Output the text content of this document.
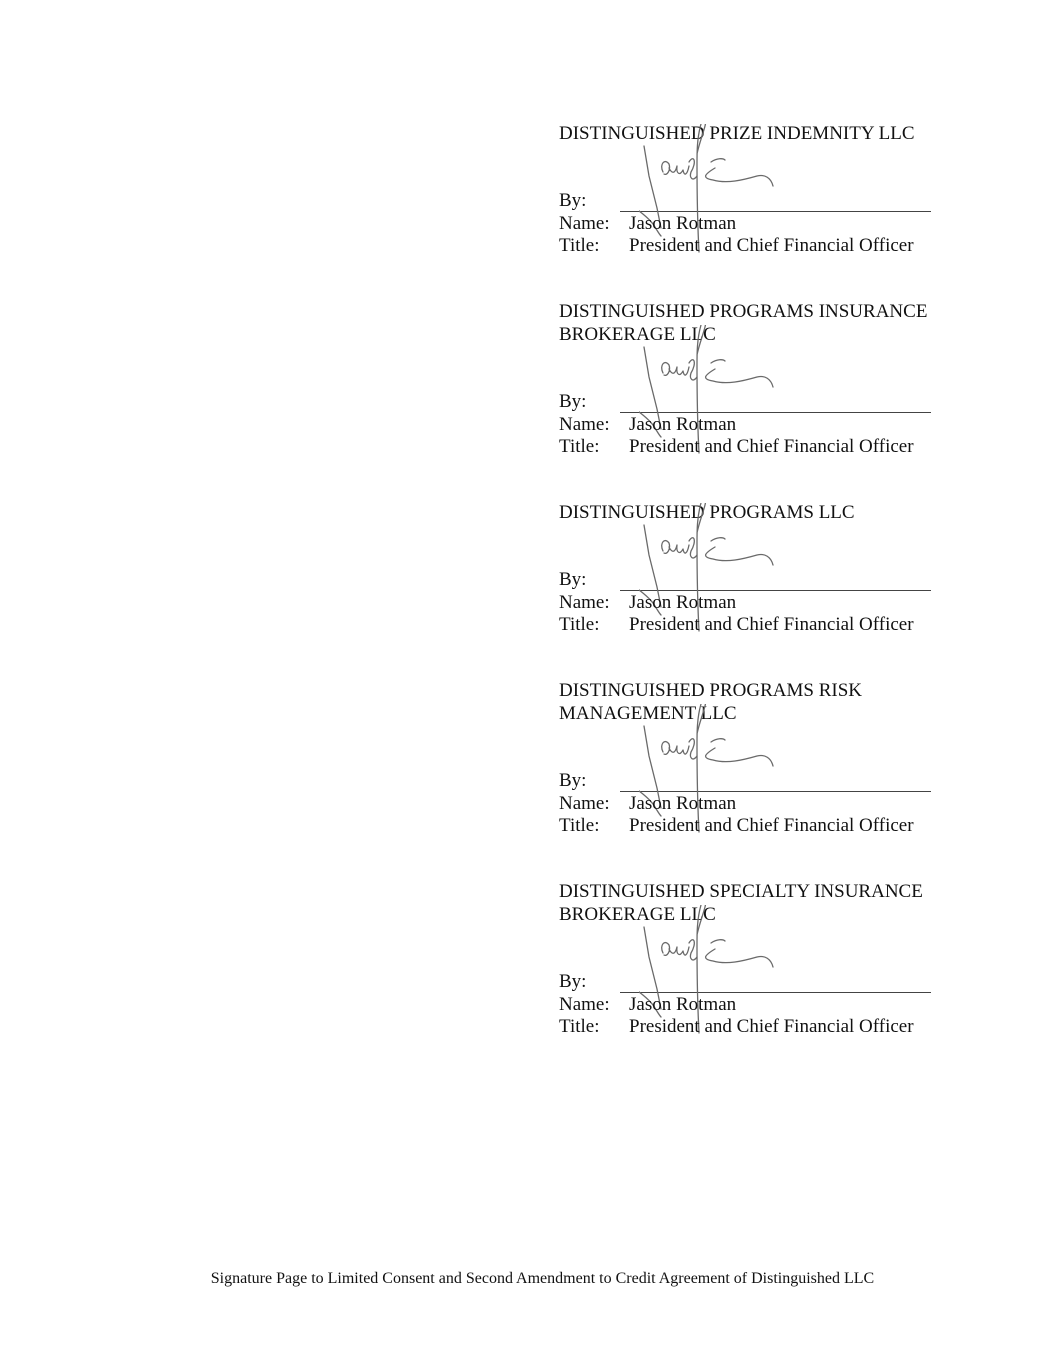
DISTINGUISHED PRIZE INDEMNITY LLC
By:
Name: Jason Rotman
Title: President and Chief Financial Officer
DISTINGUISHED PROGRAMS INSURANCE
BROKERAGE LLC
By:
Name: Jason Rotman
Title: President and Chief Financial Officer
DISTINGUISHED PROGRAMS LLC
By:
Name: Jason Rotman
Title: President and Chief Financial Officer
DISTINGUISHED PROGRAMS RISK
MANAGEMENT LLC
By:
Name: Jason Rotman
Title: President and Chief Financial Officer
DISTINGUISHED SPECIALTY INSURANCE
BROKERAGE LLC
By:
Name: Jason Rotman
Title: President and Chief Financial Officer
Signature Page to Limited Consent and Second Amendment to Credit Agreement of Distinguished LLC
